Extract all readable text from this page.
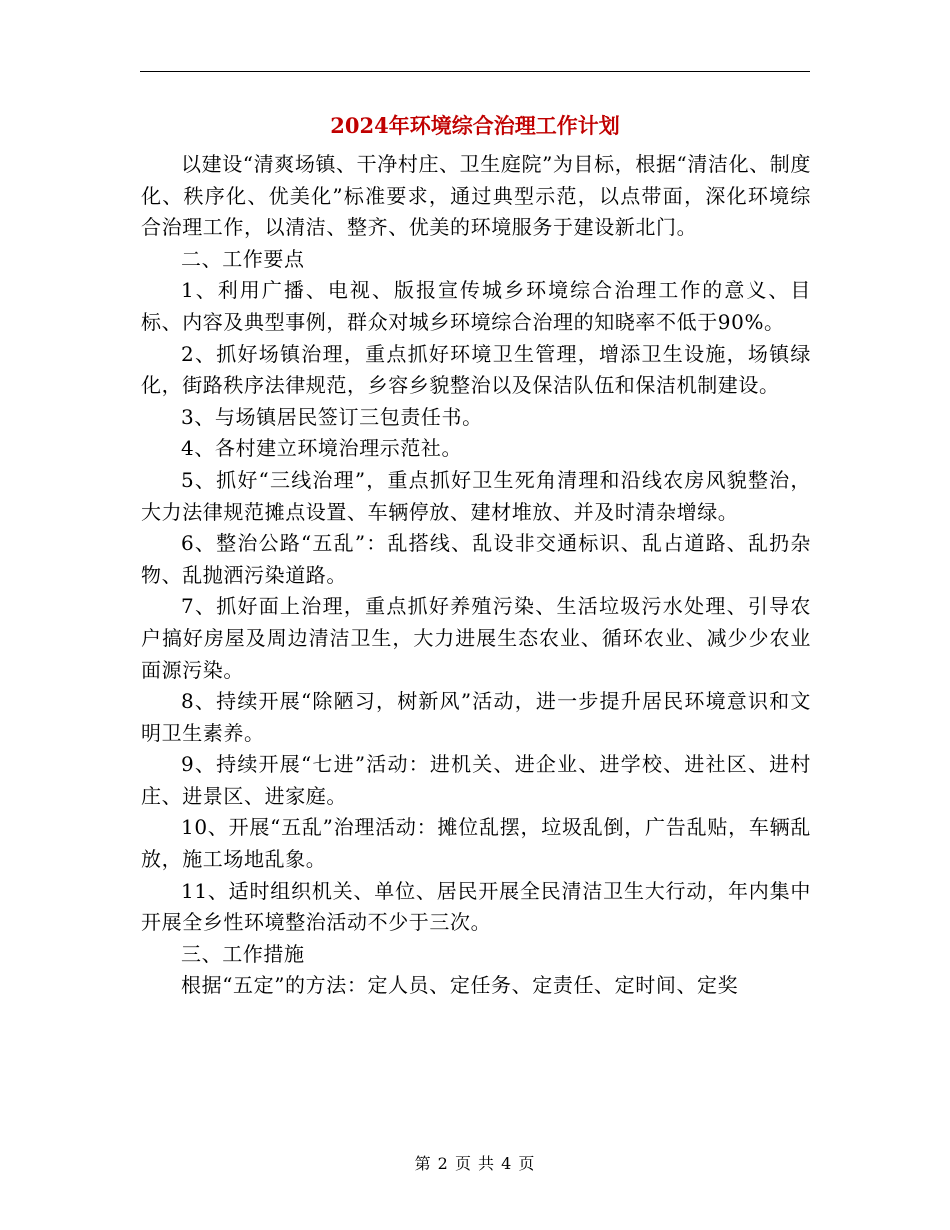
2024年环境综合治理工作计划

以建设“清爽场镇、干净村庄、卫生庭院”为目标，根据“清洁化、制度化、秩序化、优美化”标准要求，通过典型示范，以点带面，深化环境综合治理工作，以清洁、整齐、优美的环境服务于建设新北门。

二、工作要点

1、利用广播、电视、版报宣传城乡环境综合治理工作的意义、目标、内容及典型事例，群众对城乡环境综合治理的知晓率不低于90%。

2、抓好场镇治理，重点抓好环境卫生管理，增添卫生设施，场镇绿化，街路秩序法律规范，乡容乡貌整治以及保洁队伍和保洁机制建设。

3、与场镇居民签订三包责任书。

4、各村建立环境治理示范社。

5、抓好“三线治理”，重点抓好卫生死角清理和沿线农房风貌整治，大力法律规范摊点设置、车辆停放、建材堆放、并及时清杂增绿。

6、整治公路“五乱”：乱搭线、乱设非交通标识、乱占道路、乱扔杂物、乱抛洒污染道路。

7、抓好面上治理，重点抓好养殖污染、生活垃圾污水处理、引导农户搞好房屋及周边清洁卫生，大力进展生态农业、循环农业、减少少农业面源污染。

8、持续开展“除陋习，树新风”活动，进一步提升居民环境意识和文明卫生素养。

9、持续开展“七进”活动：进机关、进企业、进学校、进社区、进村庄、进景区、进家庭。

10、开展“五乱”治理活动：摊位乱摆，垃圾乱倒，广告乱贴，车辆乱放，施工场地乱象。

11、适时组织机关、单位、居民开展全民清洁卫生大行动，年内集中开展全乡性环境整治活动不少于三次。

三、工作措施

根据“五定”的方法：定人员、定任务、定责任、定时间、定奖

第 2 页 共 4 页
